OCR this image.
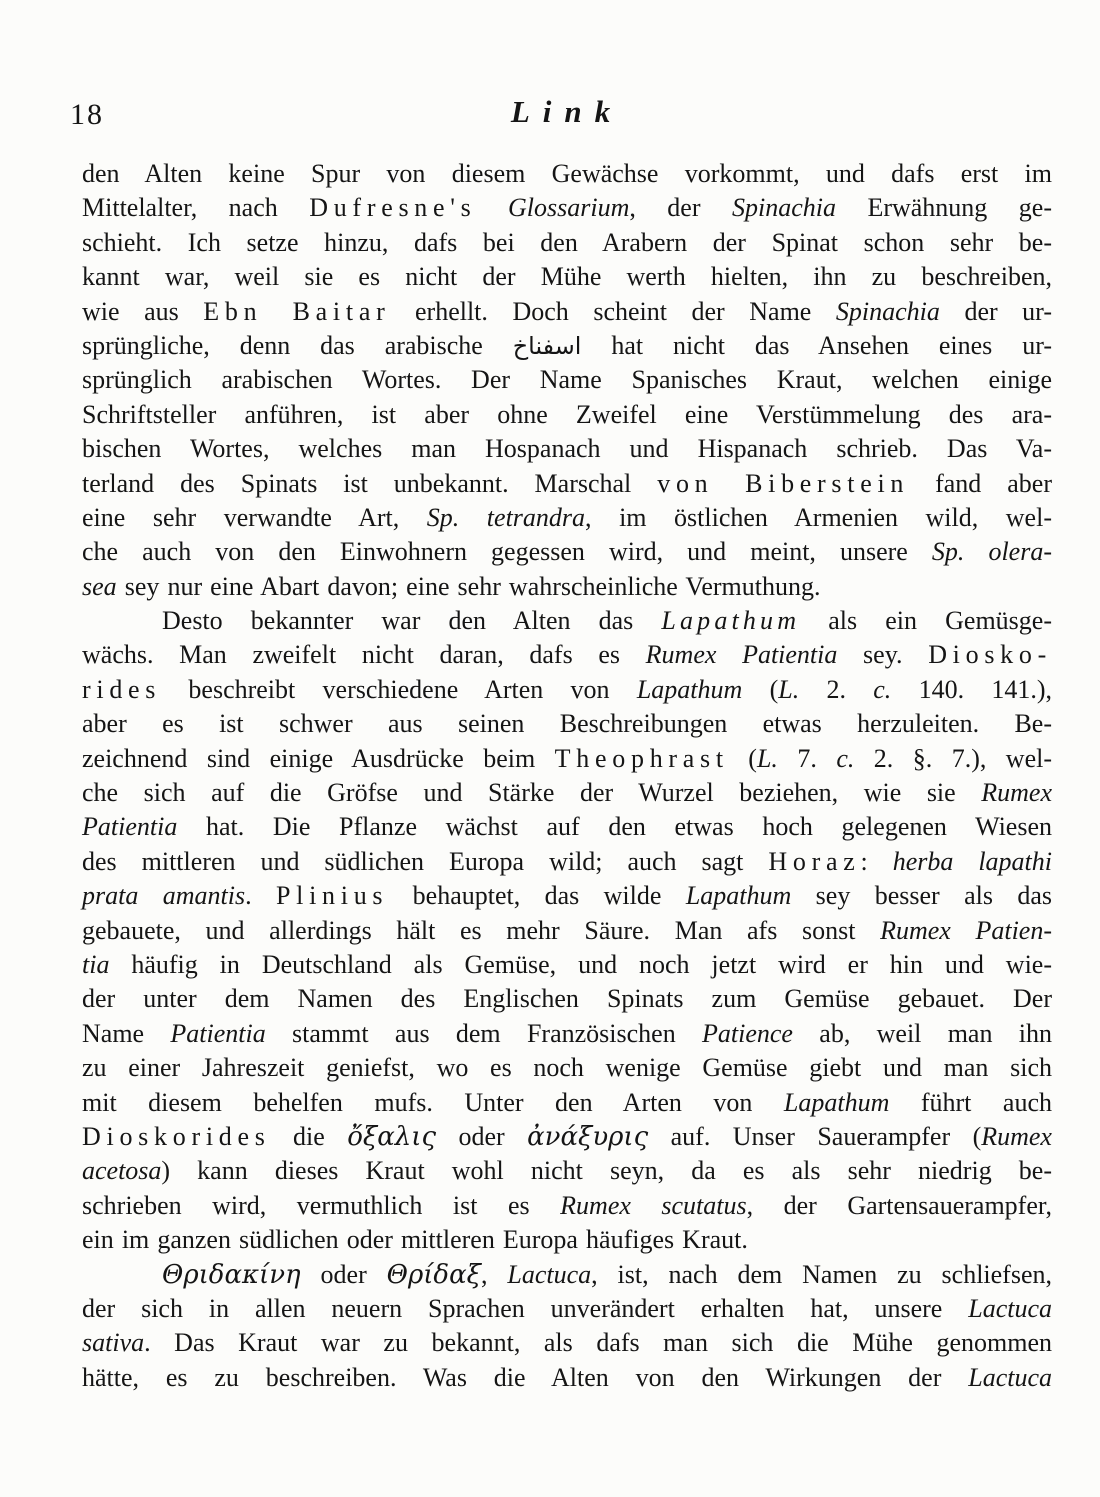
18	Link
den Alten keine Spur von diesem Gewächse vorkommt, und dafs erst im
Mittelalter, nach Dufresne's Glossarium, der Spinachia Erwähnung ge-
schieht. Ich setze hinzu, dafs bei den Arabern der Spinat schon sehr be-
kannt war, weil sie es nicht der Mühe werth hielten, ihn zu beschreiben,
wie aus Ebn Baitar erhellt. Doch scheint der Name Spinachia der ur-
sprüngliche, denn das arabische اسفناخ hat nicht das Ansehen eines ur-
sprünglich arabischen Wortes. Der Name Spanisches Kraut, welchen einige
Schriftsteller anführen, ist aber ohne Zweifel eine Verstümmelung des ara-
bischen Wortes, welches man Hospanach und Hispanach schrieb. Das Va-
terland des Spinats ist unbekannt. Marschal von Biberstein fand aber
eine sehr verwandte Art, Sp. tetrandra, im östlichen Armenien wild, wel-
che auch von den Einwohnern gegessen wird, und meint, unsere Sp. olera-
sea sey nur eine Abart davon; eine sehr wahrscheinliche Vermuthung.
Desto bekannter war den Alten das Lapathum als ein Gemüsge-
wächs. Man zweifelt nicht daran, dafs es Rumex Patientia sey. Diosko-
rides beschreibt verschiedene Arten von Lapathum (L. 2. c. 140. 141.),
aber es ist schwer aus seinen Beschreibungen etwas herzuleiten. Be-
zeichnend sind einige Ausdrücke beim Theophrast (L. 7. c. 2. §. 7.), wel-
che sich auf die Gröfse und Stärke der Wurzel beziehen, wie sie Rumex
Patientia hat. Die Pflanze wächst auf den etwas hoch gelegenen Wiesen
des mittleren und südlichen Europa wild; auch sagt Horaz: herba lapathi
prata amantis. Plinius behauptet, das wilde Lapathum sey besser als das
gebauete, und allerdings hält es mehr Säure. Man afs sonst Rumex Patien-
tia häufig in Deutschland als Gemüse, und noch jetzt wird er hin und wie-
der unter dem Namen des Englischen Spinats zum Gemüse gebauet. Der
Name Patientia stammt aus dem Französischen Patience ab, weil man ihn
zu einer Jahreszeit geniefst, wo es noch wenige Gemüse giebt und man sich
mit diesem behelfen mufs. Unter den Arten von Lapathum führt auch
Dioskorides die ὄξαλις oder ἀνάξυρις auf. Unser Sauerampfer (Rumex
acetosa) kann dieses Kraut wohl nicht seyn, da es als sehr niedrig be-
schrieben wird, vermuthlich ist es Rumex scutatus, der Gartensauerampfer,
ein im ganzen südlichen oder mittleren Europa häufiges Kraut.
Θριδακίνη oder Θρίδαξ, Lactuca, ist, nach dem Namen zu schliefsen,
der sich in allen neuern Sprachen unverändert erhalten hat, unsere Lactuca
sativa. Das Kraut war zu bekannt, als dafs man sich die Mühe genommen
hätte, es zu beschreiben. Was die Alten von den Wirkungen der Lactuca
